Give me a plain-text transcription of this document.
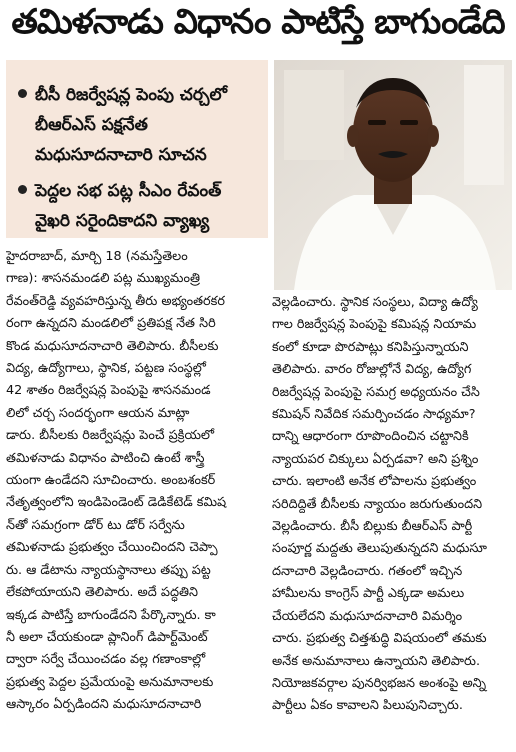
తమిళనాడు విధానం పాటిస్తే బాగుండేది
బీసీ రిజర్వేషన్ల పెంపు చర్చలో
బీఆర్ఎస్ పక్షనేత
మధుసూదనాచారి సూచన
పెద్దల సభ పట్ల సీఎం రేవంత్
వైఖరి సరైందికాదని వ్యాఖ్య
హైదరాబాద్, మార్చి 18 (నమస్తేతెలం
గాణ): శాసనమండలి పట్ల ముఖ్యమంత్రి
రేవంత్‌రెడ్డి వ్యవహరిస్తున్న తీరు అభ్యంతరకర
రంగా ఉన్నదని మండలిలో ప్రతిపక్ష నేత సిరి
కొండ మధుసూదనాచారి తెలిపారు. బీసీలకు
విద్య, ఉద్యోగాలు, స్థానిక, పట్టణ సంస్థల్లో
42 శాతం రిజర్వేషన్ల పెంపుపై శాసనమండ
లిలో చర్చ సందర్భంగా ఆయన మాట్లా
డారు. బీసీలకు రిజర్వేషన్లు పెంచే ప్రక్రియలో
తమిళనాడు విధానం పాటించి ఉంటే శాస్త్రీ
యంగా ఉండేదని సూచించారు. అంబశంకర్
నేతృత్వంలోని ఇండిపెండెంట్ డెడికేటెడ్ కమిష
న్‌తో సమగ్రంగా డోర్ టు డోర్ సర్వేను
తమిళనాడు ప్రభుత్వం చేయించిందని చెప్పా
రు. ఆ డేటాను న్యాయస్థానాలు తప్పు పట్ట
లేకపోయాయని తెలిపారు. అదే పద్ధతిని
ఇక్కడ పాటిస్తే బాగుండేదని పేర్కొన్నారు. కా
నీ అలా చేయకుండా ప్లానింగ్ డిపార్ట్‌మెంట్
ద్వారా సర్వే చేయించడం వల్ల గణాంకాల్లో
ప్రభుత్వ పెద్దల ప్రమేయంపై అనుమానాలకు
ఆస్కారం ఏర్పడిందని మధుసూదనాచారి
వెల్లడించారు. స్థానిక సంస్థలు, విద్యా ఉద్యో
గాల రిజర్వేషన్ల పెంపుపై కమిషన్ల నియామ
కంలో కూడా పొరపాట్లు కనిపిస్తున్నాయని
తెలిపారు. వారం రోజుల్లోనే విద్య, ఉద్యోగ
రిజర్వేషన్ల పెంపుపై సమగ్ర అధ్యయనం చేసి
కమిషన్ నివేదిక సమర్పించడం సాధ్యమా?
దాన్ని ఆధారంగా రూపొందించిన చట్టానికి
న్యాయపర చిక్కులు ఏర్పడవా? అని ప్రశ్నిం
చారు. ఇలాంటి అనేక లోపాలను ప్రభుత్వం
సరిదిద్దితే బీసీలకు న్యాయం జరుగుతుందని
వెల్లడించారు. బీసీ బిల్లుకు బీఆర్ఎస్ పార్టీ
సంపూర్ణ మద్దతు తెలుపుతున్నదని మధుసూ
దనాచారి వెల్లడించారు. గతంలో ఇచ్చిన
హామీలను కాంగ్రెస్ పార్టీ ఎక్కడా అమలు
చేయలేదని మధుసూదనాచారి విమర్శిం
చారు. ప్రభుత్వ చిత్తశుద్ధి విషయంలో తమకు
అనేక అనుమానాలు ఉన్నాయని తెలిపారు.
నియోజకవర్గాల పునర్విభజన అంశంపై అన్ని
పార్టీలు ఏకం కావాలని పిలుపునిచ్చారు.
